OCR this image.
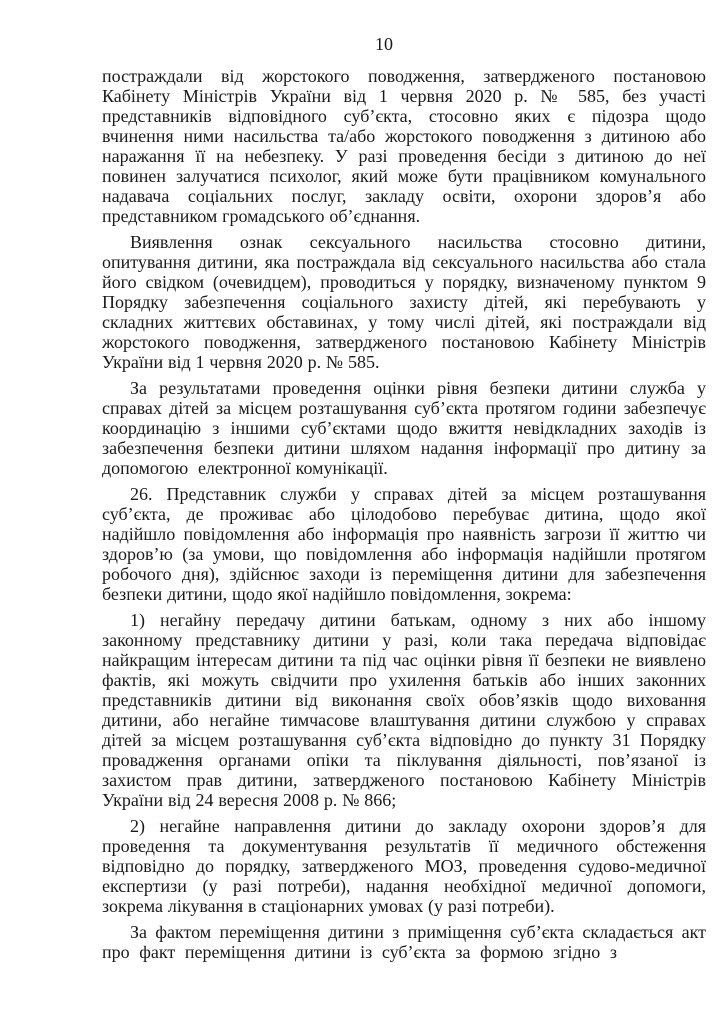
10
постраждали від жорстокого поводження, затвердженого постановою
Кабінету Міністрів України від 1 червня 2020 р. № 585, без участі
представників відповідного суб’єкта, стосовно яких є підозра щодо
вчинення ними насильства та/або жорстокого поводження з дитиною або
наражання її на небезпеку. У разі проведення бесіди з дитиною до неї
повинен залучатися психолог, який може бути працівником комунального
надавача соціальних послуг, закладу освіти, охорони здоров’я або
представником громадського об’єднання.
Виявлення ознак сексуального насильства стосовно дитини,
опитування дитини, яка постраждала від сексуального насильства або стала
його свідком (очевидцем), проводиться у порядку, визначеному пунктом 9
Порядку забезпечення соціального захисту дітей, які перебувають у
складних життєвих обставинах, у тому числі дітей, які постраждали від
жорстокого поводження, затвердженого постановою Кабінету Міністрів
України від 1 червня 2020 р. № 585.
За результатами проведення оцінки рівня безпеки дитини служба у
справах дітей за місцем розташування суб’єкта протягом години забезпечує
координацію з іншими суб’єктами щодо вжиття невідкладних заходів із
забезпечення безпеки дитини шляхом надання інформації про дитину за
допомогою  електронної комунікації.
26. Представник служби у справах дітей за місцем розташування
суб’єкта, де проживає або цілодобово перебуває дитина, щодо якої
надійшло повідомлення або інформація про наявність загрози її життю чи
здоров’ю (за умови, що повідомлення або інформація надійшли протягом
робочого дня), здійснює заходи із переміщення дитини для забезпечення
безпеки дитини, щодо якої надійшло повідомлення, зокрема:
1) негайну передачу дитини батькам, одному з них або іншому
законному представнику дитини у разі, коли така передача відповідає
найкращим інтересам дитини та під час оцінки рівня її безпеки не виявлено
фактів, які можуть свідчити про ухилення батьків або інших законних
представників дитини від виконання своїх обов’язків щодо виховання
дитини, або негайне тимчасове влаштування дитини службою у справах
дітей за місцем розташування суб’єкта відповідно до пункту 31 Порядку
провадження органами опіки та піклування діяльності, пов’язаної із
захистом прав дитини, затвердженого постановою Кабінету Міністрів
України від 24 вересня 2008 р. № 866;
2) негайне направлення дитини до закладу охорони здоров’я для
проведення та документування результатів її медичного обстеження
відповідно до порядку, затвердженого МОЗ, проведення судово-медичної
експертизи (у разі потреби), надання необхідної медичної допомоги,
зокрема лікування в стаціонарних умовах (у разі потреби).
За фактом переміщення дитини з приміщення суб’єкта складається акт
про факт переміщення дитини із суб’єкта за формою згідно з
